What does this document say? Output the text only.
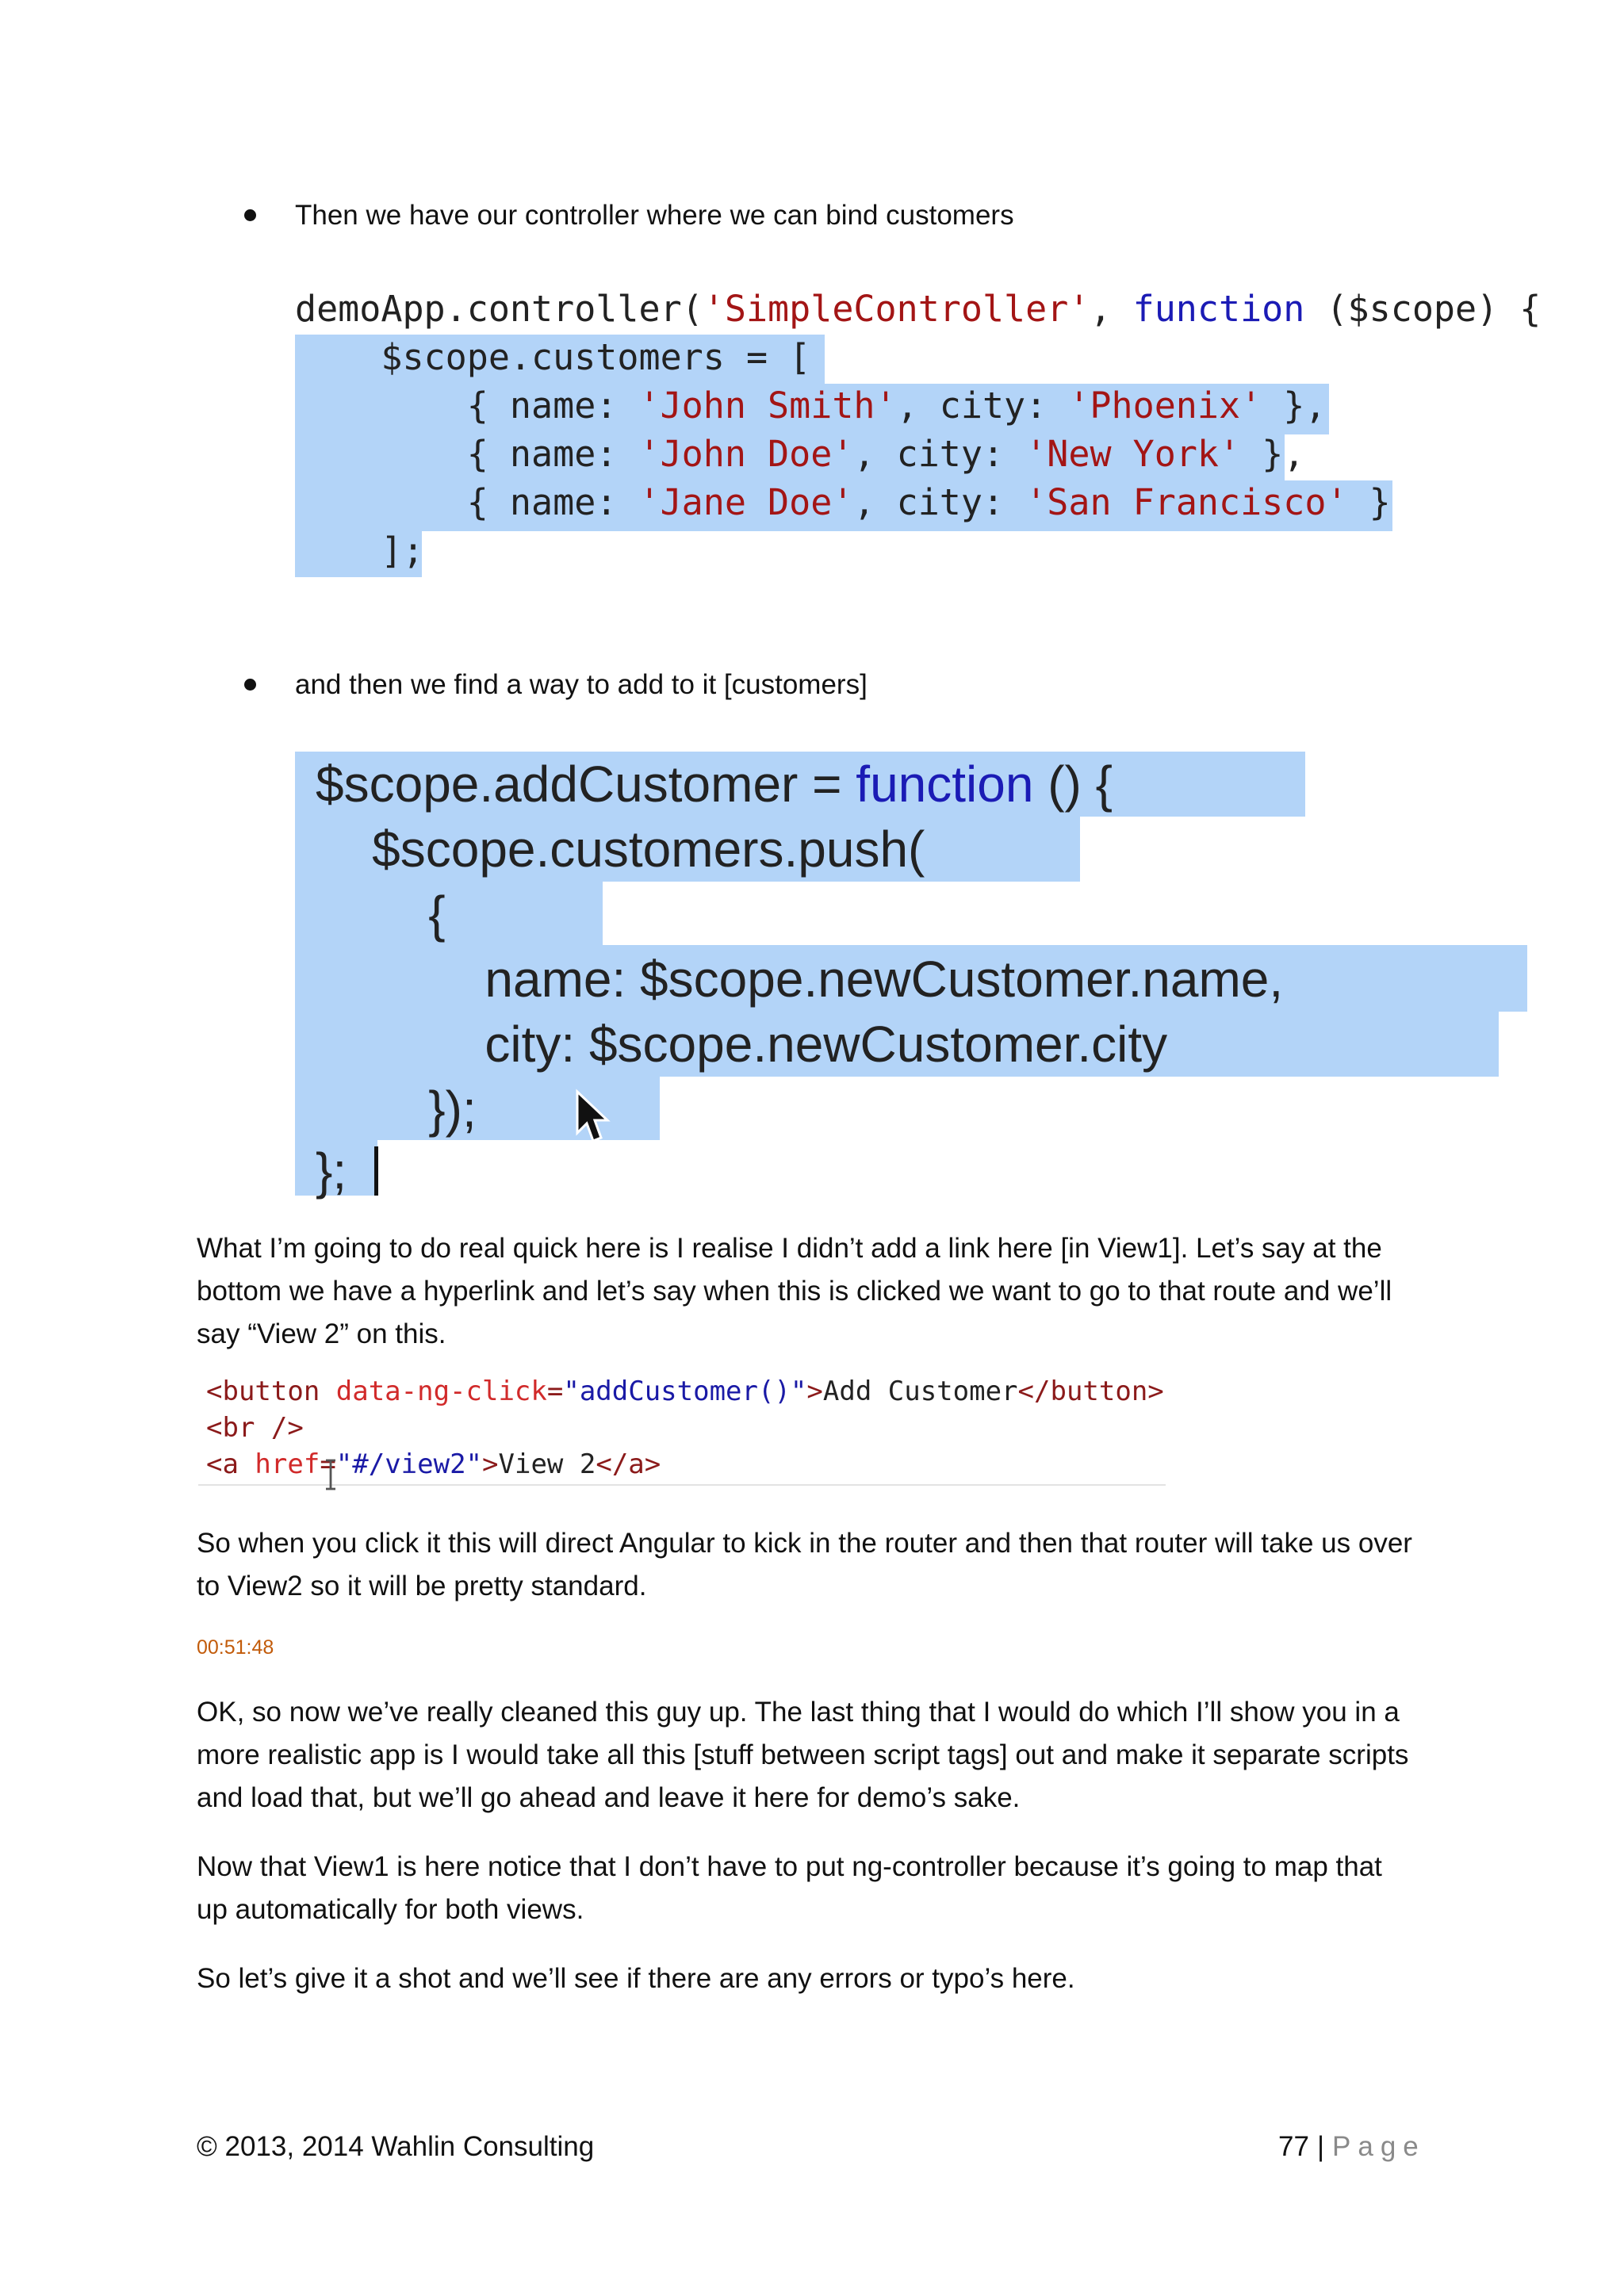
Then we have our controller where we can bind customers
demoApp.controller('SimpleController', function ($scope) {
$scope.customers = [
{ name: 'John Smith', city: 'Phoenix' },
{ name: 'John Doe', city: 'New York' },
{ name: 'Jane Doe', city: 'San Francisco' }
];
and then we find a way to add to it [customers]
$scope.addCustomer = function () {
$scope.customers.push(
{
name: $scope.newCustomer.name,
city: $scope.newCustomer.city
});
};
What I’m going to do real quick here is I realise I didn’t add a link here [in View1]. Let’s say at the
bottom we have a hyperlink and let’s say when this is clicked we want to go to that route and we’ll
say “View 2” on this.
<button data-ng-click="addCustomer()">Add Customer</button>
<br />
<a href="#/view2">View 2</a>
So when you click it this will direct Angular to kick in the router and then that router will take us over
to View2 so it will be pretty standard.
00:51:48
OK, so now we’ve really cleaned this guy up. The last thing that I would do which I’ll show you in a
more realistic app is I would take all this [stuff between script tags] out and make it separate scripts
and load that, but we’ll go ahead and leave it here for demo’s sake.
Now that View1 is here notice that I don’t have to put ng-controller because it’s going to map that
up automatically for both views.
So let’s give it a shot and we’ll see if there are any errors or typo’s here.
© 2013, 2014 Wahlin Consulting	77 | Page
